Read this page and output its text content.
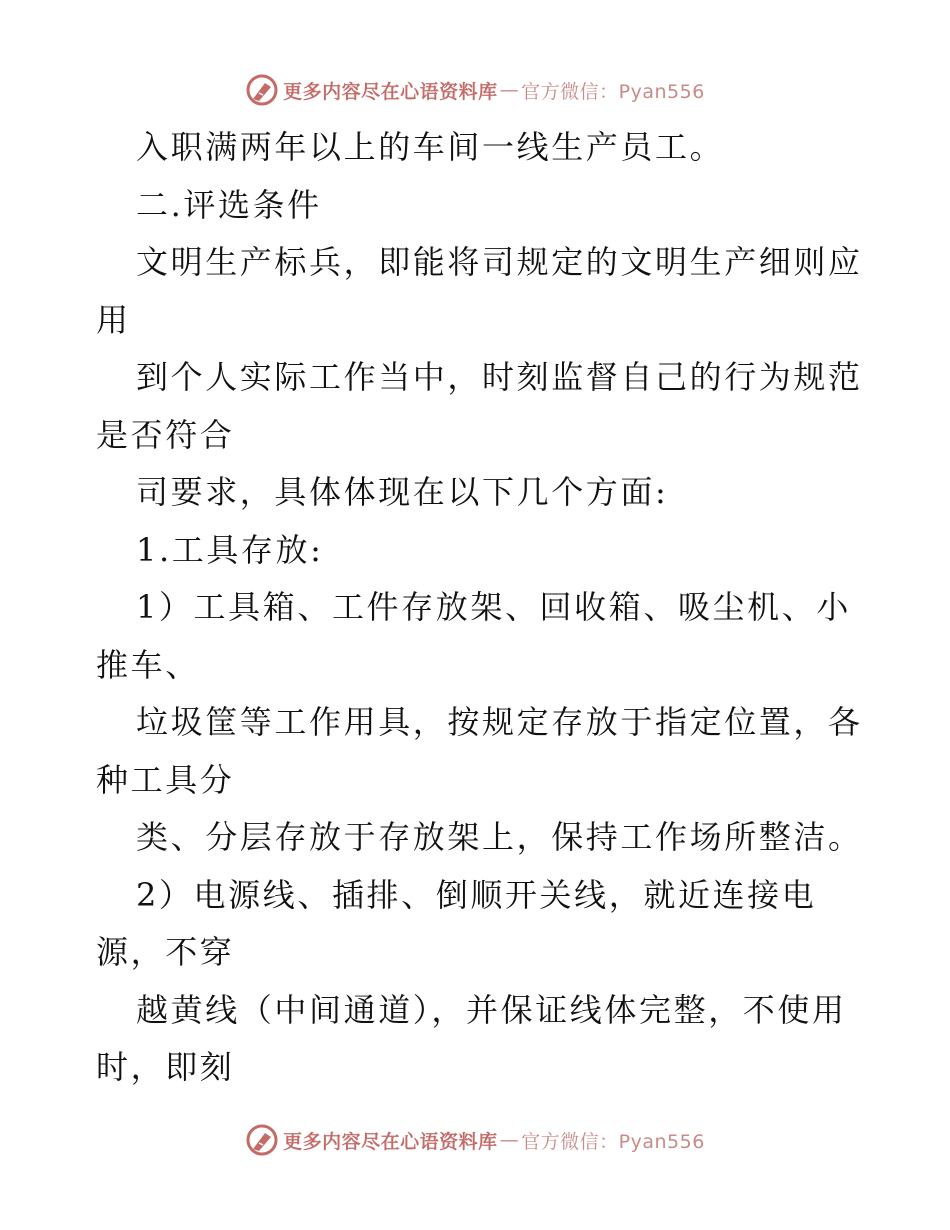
更多内容尽在心语资料库 — 官方微信：Pyan556
入职满两年以上的车间一线生产员工。
二.评选条件
文明生产标兵，即能将司规定的文明生产细则应
用
到个人实际工作当中，时刻监督自己的行为规范
是否符合
司要求，具体体现在以下几个方面:
1.工具存放:
1）工具箱、工件存放架、回收箱、吸尘机、小
推车、
垃圾筐等工作用具，按规定存放于指定位置，各
种工具分
类、分层存放于存放架上，保持工作场所整洁。
2）电源线、插排、倒顺开关线，就近连接电
源，不穿
越黄线（中间通道），并保证线体完整，不使用
时，即刻
更多内容尽在心语资料库 — 官方微信：Pyan556
